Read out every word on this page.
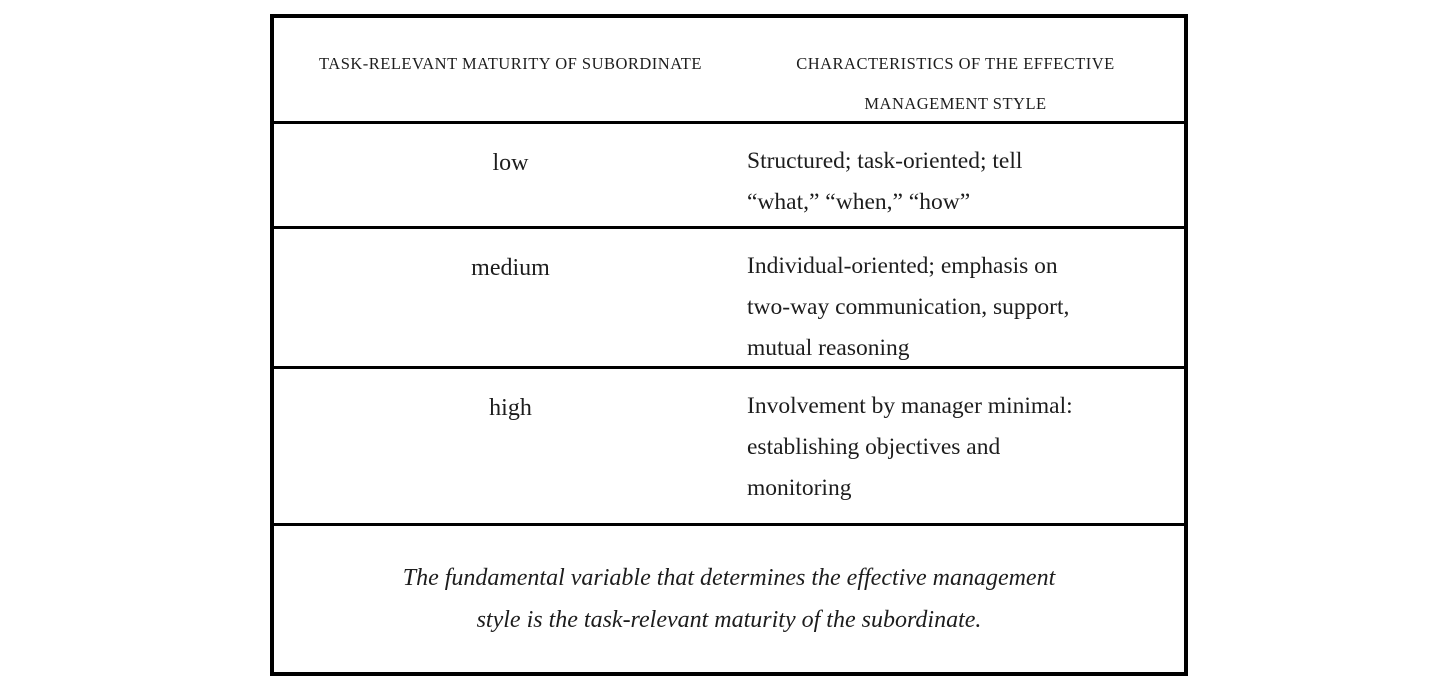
TASK-RELEVANT MATURITY OF SUBORDINATE	CHARACTERISTICS OF THE EFFECTIVE
MANAGEMENT STYLE
low	Structured; task-oriented; tell
“what,” “when,” “how”
medium	Individual-oriented; emphasis on
two-way communication, support,
mutual reasoning
high	Involvement by manager minimal:
establishing objectives and
monitoring
The fundamental variable that determines the effective management
style is the task-relevant maturity of the subordinate.
